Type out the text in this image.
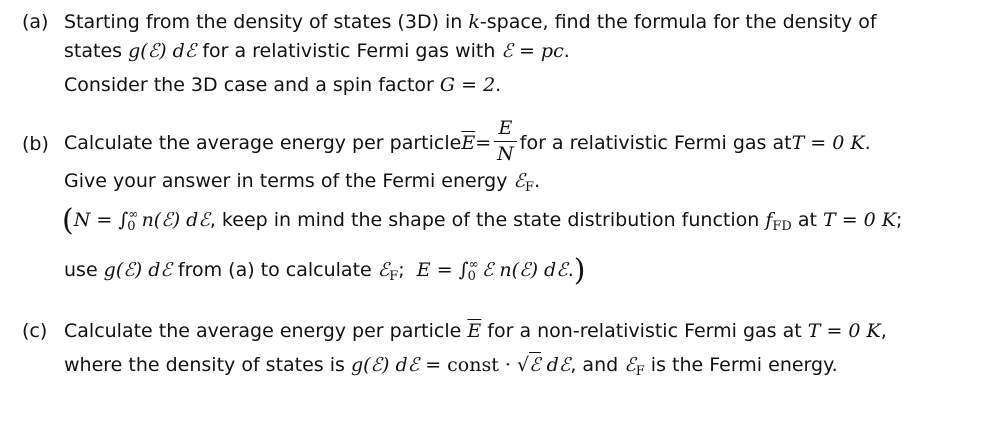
(a) Starting from the density of states (3D) in k-space, find the formula for the density of
states g(ℰ) dℰ for a relativistic Fermi gas with ℰ = pc.
Consider the 3D case and a spin factor G = 2.
(b) Calculate the average energy per particle $\overline{E} = \frac{E}{N}$ for a relativistic Fermi gas at T = 0 K .
Give your answer in terms of the Fermi energy ℰ$_F$.
($N = \int^\infty_0$ n(ℰ) dℰ, keep in mind the shape of the state distribution function $f_{FD}$ at T = 0 K;
use g(ℰ) dℰ from (a) to calculate ℰ$_F$;  $E = \int^\infty_0$ ℰ n(ℰ) dℰ.)
(c) Calculate the average energy per particle $\overline{E}$ for a non-relativistic Fermi gas at T = 0 K,
where the density of states is g(ℰ) dℰ = const · √ℰ dℰ, and ℰ$_F$ is the Fermi energy.
